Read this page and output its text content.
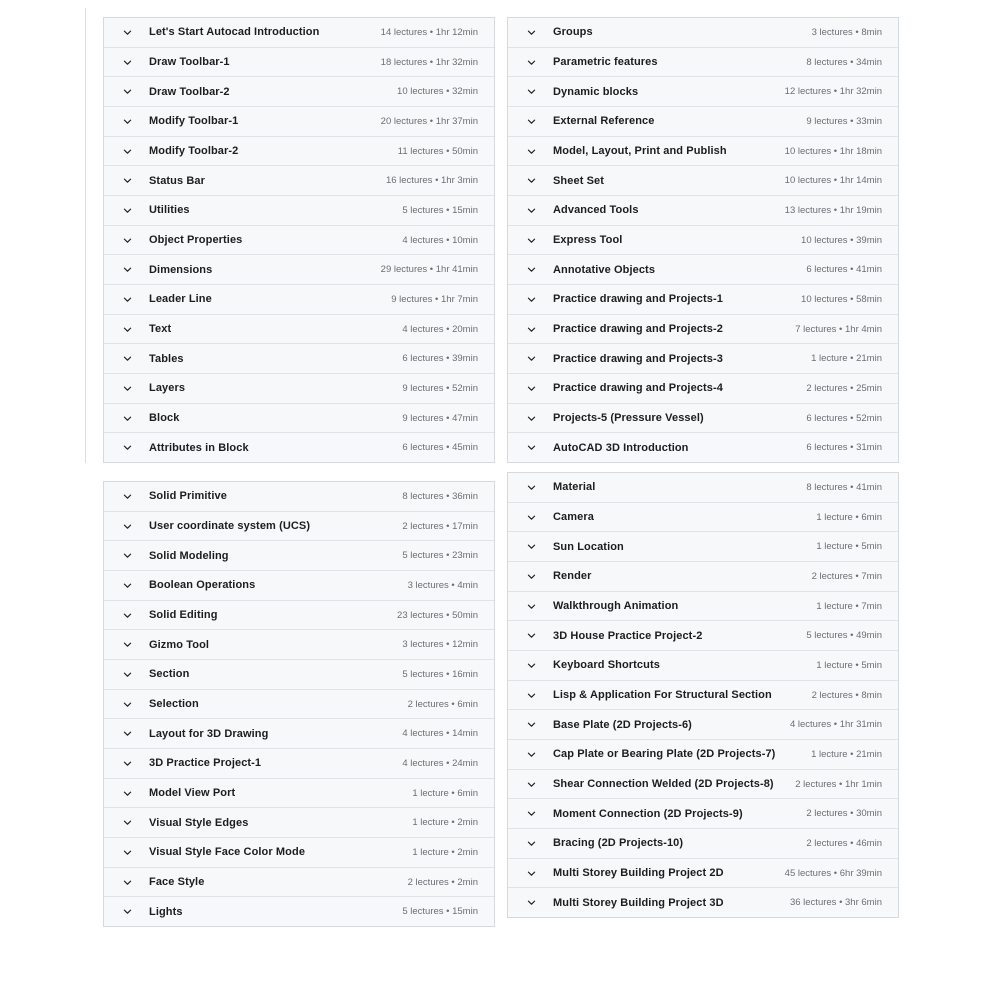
Let's Start Autocad Introduction	14 lectures • 1hr 12min
Draw Toolbar-1	18 lectures • 1hr 32min
Draw Toolbar-2	10 lectures • 32min
Modify Toolbar-1	20 lectures • 1hr 37min
Modify Toolbar-2	11 lectures • 50min
Status Bar	16 lectures • 1hr 3min
Utilities	5 lectures • 15min
Object Properties	4 lectures • 10min
Dimensions	29 lectures • 1hr 41min
Leader Line	9 lectures • 1hr 7min
Text	4 lectures • 20min
Tables	6 lectures • 39min
Layers	9 lectures • 52min
Block	9 lectures • 47min
Attributes in Block	6 lectures • 45min
Groups	3 lectures • 8min
Parametric features	8 lectures • 34min
Dynamic blocks	12 lectures • 1hr 32min
External Reference	9 lectures • 33min
Model, Layout, Print and Publish	10 lectures • 1hr 18min
Sheet Set	10 lectures • 1hr 14min
Advanced Tools	13 lectures • 1hr 19min
Express Tool	10 lectures • 39min
Annotative Objects	6 lectures • 41min
Practice drawing and Projects-1	10 lectures • 58min
Practice drawing and Projects-2	7 lectures • 1hr 4min
Practice drawing and Projects-3	1 lecture • 21min
Practice drawing and Projects-4	2 lectures • 25min
Projects-5 (Pressure Vessel)	6 lectures • 52min
AutoCAD 3D Introduction	6 lectures • 31min
Solid Primitive	8 lectures • 36min
User coordinate system (UCS)	2 lectures • 17min
Solid Modeling	5 lectures • 23min
Boolean Operations	3 lectures • 4min
Solid Editing	23 lectures • 50min
Gizmo Tool	3 lectures • 12min
Section	5 lectures • 16min
Selection	2 lectures • 6min
Layout for 3D Drawing	4 lectures • 14min
3D Practice Project-1	4 lectures • 24min
Model View Port	1 lecture • 6min
Visual Style Edges	1 lecture • 2min
Visual Style Face Color Mode	1 lecture • 2min
Face Style	2 lectures • 2min
Lights	5 lectures • 15min
Material	8 lectures • 41min
Camera	1 lecture • 6min
Sun Location	1 lecture • 5min
Render	2 lectures • 7min
Walkthrough Animation	1 lecture • 7min
3D House Practice Project-2	5 lectures • 49min
Keyboard Shortcuts	1 lecture • 5min
Lisp & Application For Structural Section	2 lectures • 8min
Base Plate (2D Projects-6)	4 lectures • 1hr 31min
Cap Plate or Bearing Plate (2D Projects-7)	1 lecture • 21min
Shear Connection Welded (2D Projects-8)	2 lectures • 1hr 1min
Moment Connection (2D Projects-9)	2 lectures • 30min
Bracing (2D Projects-10)	2 lectures • 46min
Multi Storey Building Project 2D	45 lectures • 6hr 39min
Multi Storey Building Project 3D	36 lectures • 3hr 6min
